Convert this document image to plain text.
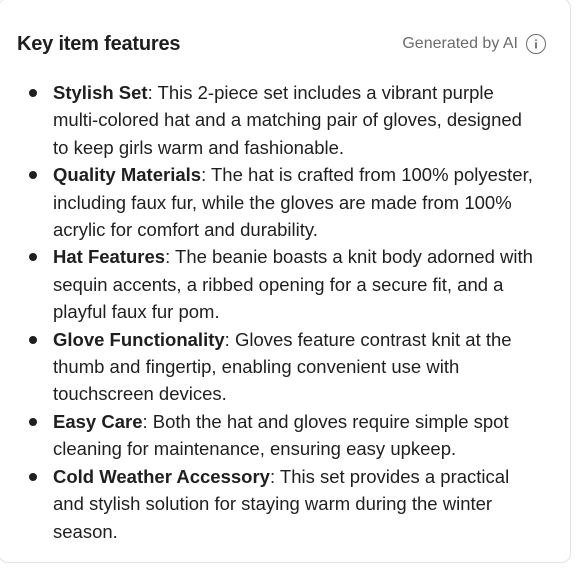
Key item features	Generated by AI
Stylish Set: This 2-piece set includes a vibrant purple multi-colored hat and a matching pair of gloves, designed to keep girls warm and fashionable.
Quality Materials: The hat is crafted from 100% polyester, including faux fur, while the gloves are made from 100% acrylic for comfort and durability.
Hat Features: The beanie boasts a knit body adorned with sequin accents, a ribbed opening for a secure fit, and a playful faux fur pom.
Glove Functionality: Gloves feature contrast knit at the thumb and fingertip, enabling convenient use with touchscreen devices.
Easy Care: Both the hat and gloves require simple spot cleaning for maintenance, ensuring easy upkeep.
Cold Weather Accessory: This set provides a practical and stylish solution for staying warm during the winter season.
